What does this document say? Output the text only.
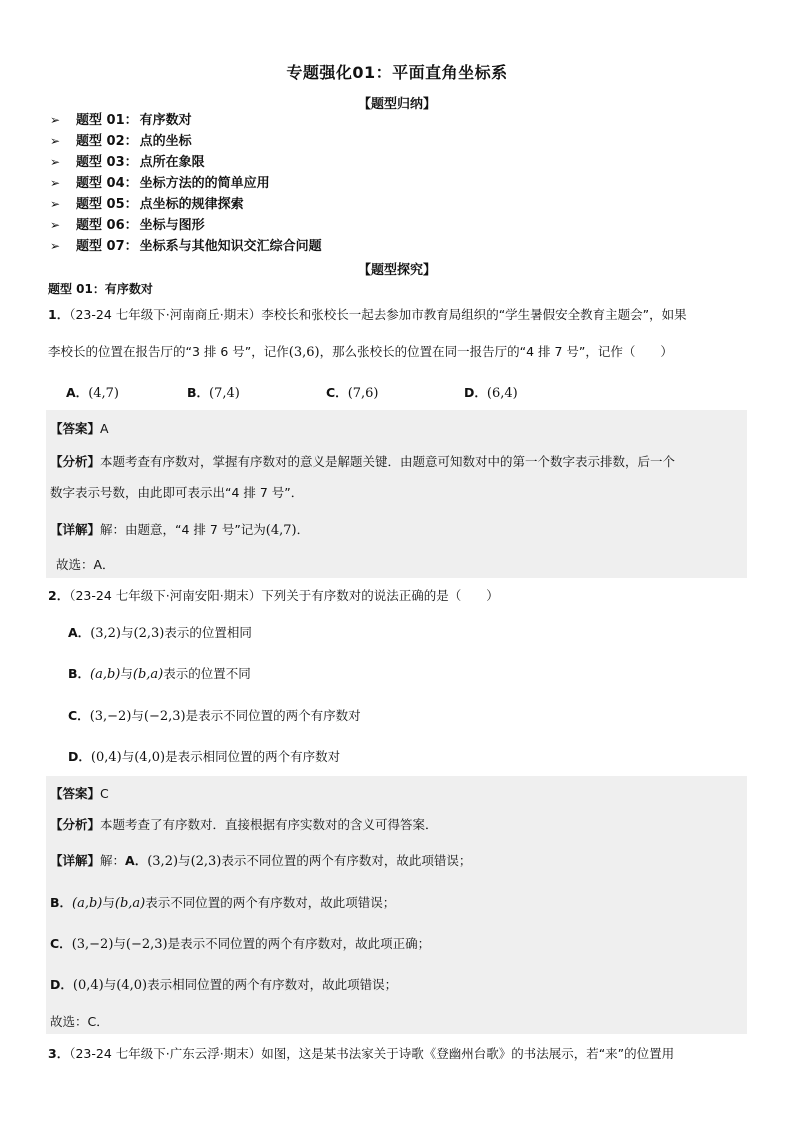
专题强化01：平面直角坐标系
【题型归纳】
➢ 题型 01： 有序数对
➢ 题型 02： 点的坐标
➢ 题型 03： 点所在象限
➢ 题型 04： 坐标方法的的简单应用
➢ 题型 05： 点坐标的规律探索
➢ 题型 06： 坐标与图形
➢ 题型 07： 坐标系与其他知识交汇综合问题
【题型探究】
题型 01：有序数对
1．（23-24 七年级下·河南商丘·期末）李校长和张校长一起去参加市教育局组织的“学生暑假安全教育主题会”，如果
李校长的位置在报告厅的“3 排 6 号”，记作(3,6)，那么张校长的位置在同一报告厅的“4 排 7 号”，记作（　　）
A．(4,7)	B．(7,4)	C．(7,6)	D．(6,4)
【答案】A
【分析】本题考查有序数对，掌握有序数对的意义是解题关键．由题意可知数对中的第一个数字表示排数，后一个
数字表示号数，由此即可表示出“4 排 7 号”．
【详解】解：由题意，“4 排 7 号”记为(4,7)．
故选：A．
2．（23-24 七年级下·河南安阳·期末）下列关于有序数对的说法正确的是（　　）
A．(3,2)与(2,3)表示的位置相同
B．(a,b)与(b,a)表示的位置不同
C．(3,−2)与(−2,3)是表示不同位置的两个有序数对
D．(0,4)与(4,0)是表示相同位置的两个有序数对
【答案】C
【分析】本题考查了有序数对．直接根据有序实数对的含义可得答案．
【详解】解：A．(3,2)与(2,3)表示不同位置的两个有序数对，故此项错误；
B．(a,b)与(b,a)表示不同位置的两个有序数对，故此项错误；
C．(3,−2)与(−2,3)是表示不同位置的两个有序数对，故此项正确；
D．(0,4)与(4,0)表示相同位置的两个有序数对，故此项错误；
故选：C．
3．（23-24 七年级下·广东云浮·期末）如图，这是某书法家关于诗歌《登幽州台歌》的书法展示，若“来”的位置用
